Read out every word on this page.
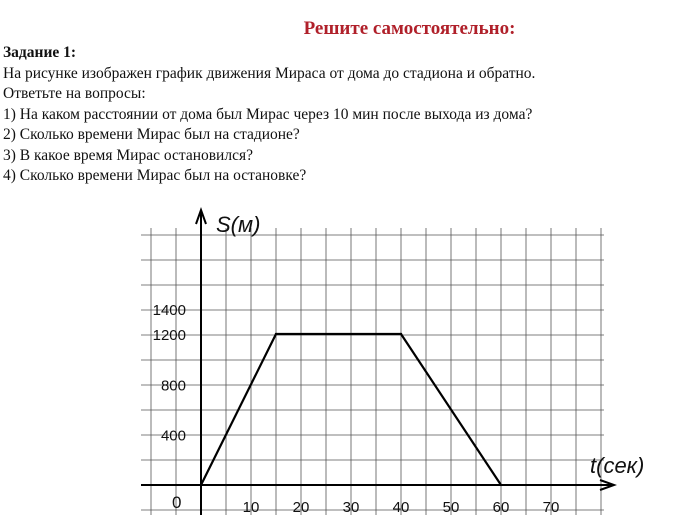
Решите самостоятельно:
Задание 1:
На рисунке изображен график движения Мираса от дома до стадиона и обратно.
Ответьте на вопросы:
1) На каком расстоянии от дома был Мирас через 10 мин после выхода из дома?
2) Сколько времени Мирас был на стадионе?
3) В какое время Мирас остановился?
4) Сколько времени Мирас был на остановке?
S(м)
t(сек)
0
400
800
1200
1400
10 20 30 40 50 60 70
